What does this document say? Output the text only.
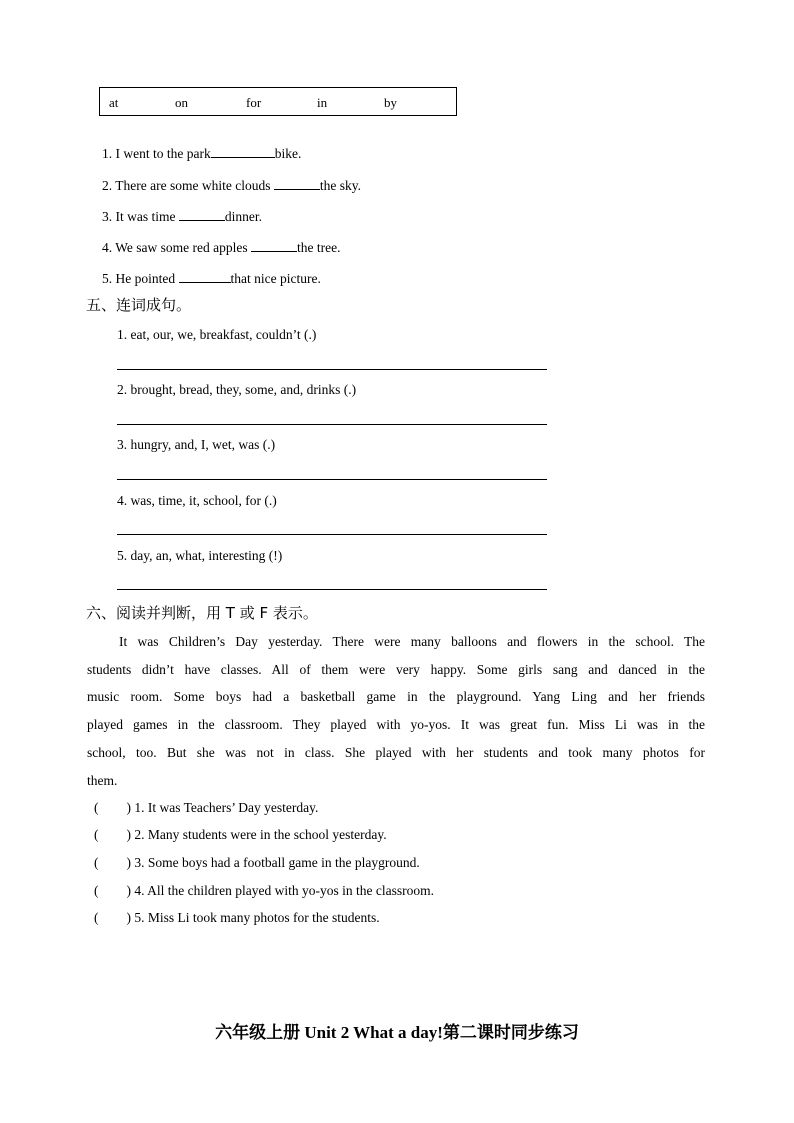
at	on	for	in	by
1. I went to the park	bike.
2. There are some white clouds	the sky.
3. It was time	dinner.
4. We saw some red apples	the tree.
5. He pointed	that nice picture.
五、连词成句。
1. eat, our, we, breakfast, couldn’t (.)
2. brought, bread, they, some, and, drinks (.)
3. hungry, and, I, wet, was (.)
4. was, time, it, school, for (.)
5. day, an, what, interesting (!)
六、阅读并判断，用 T 或 F 表示。
It was Children’s Day yesterday. There were many balloons and flowers in the school. The
students didn’t have classes. All of them were very happy. Some girls sang and danced in the
music room. Some boys had a basketball game in the playground. Yang Ling and her friends
played games in the classroom. They played with yo-yos. It was great fun. Miss Li was in the
school, too. But she was not in class. She played with her students and took many photos for
them.
( ) 1. It was Teachers’ Day yesterday.
( ) 2. Many students were in the school yesterday.
( ) 3. Some boys had a football game in the playground.
( ) 4. All the children played with yo-yos in the classroom.
( ) 5. Miss Li took many photos for the students.
六年级上册 Unit 2 What a day!第二课时同步练习
